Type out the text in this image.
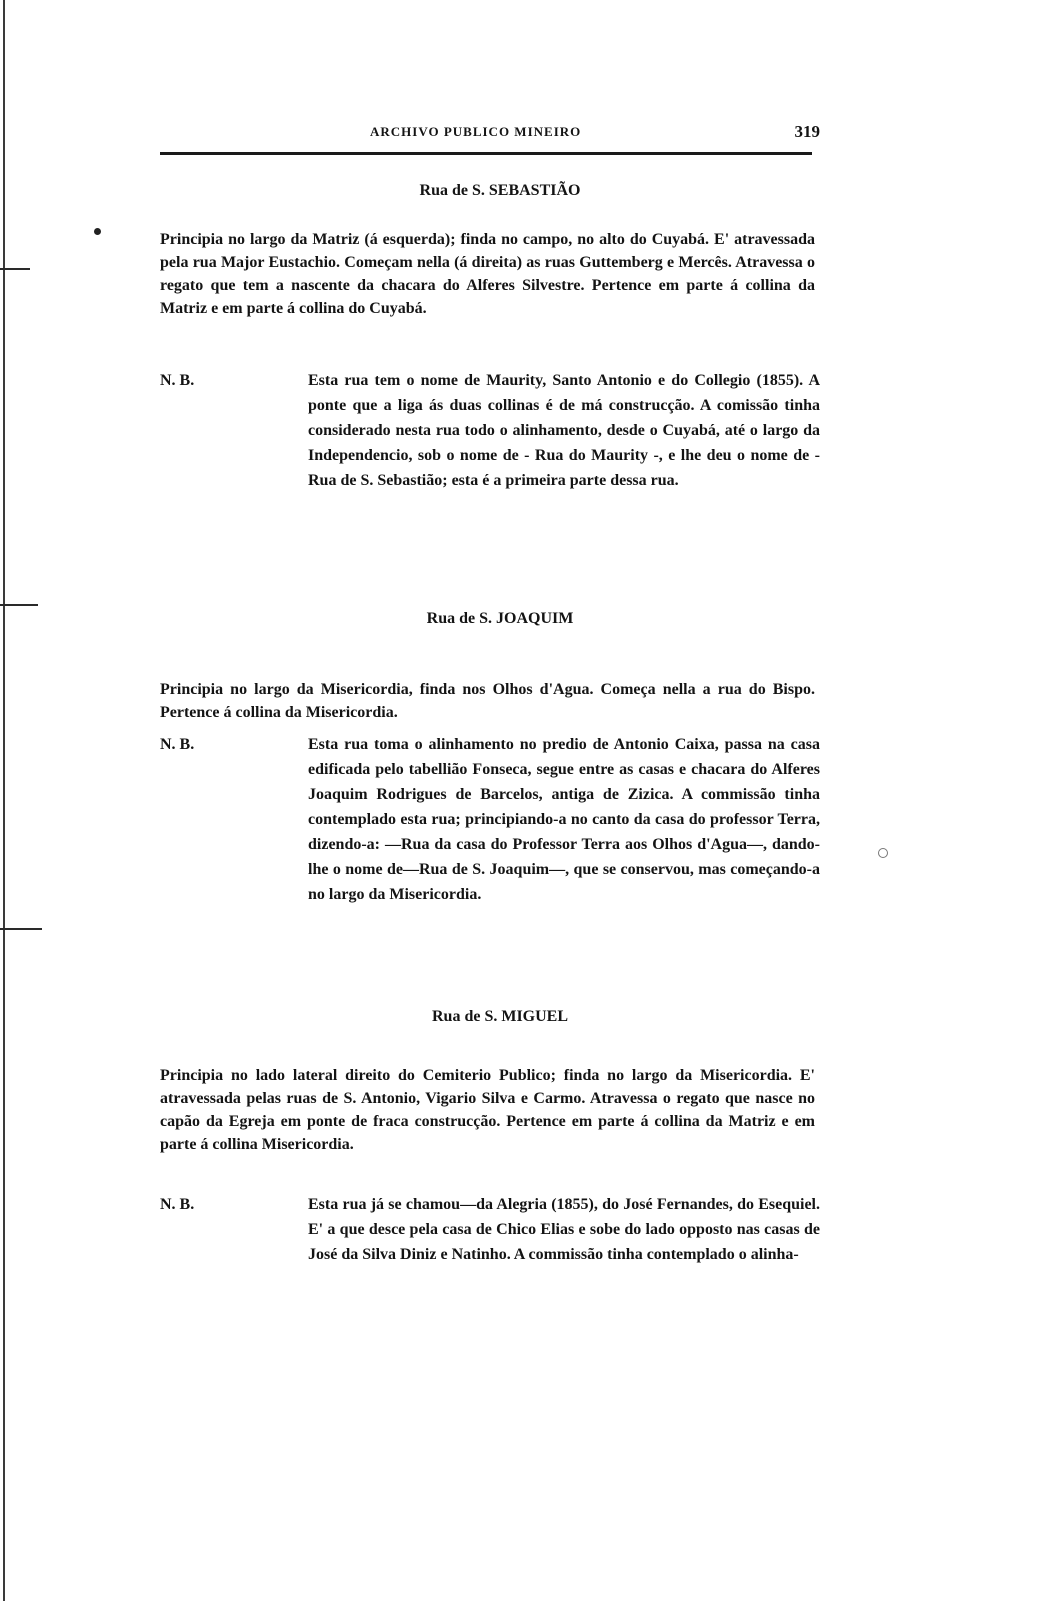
ARCHIVO PUBLICO MINEIRO	319
Rua de S. SEBASTIÃO
Principia no largo da Matriz (á esquerda); finda no campo, no alto do Cuyabá. E' atravessada pela rua Major Eustachio. Começam nella (á direita) as ruas Guttemberg e Mercês. Atravessa o regato que tem a nascente da chacara do Alferes Silvestre. Pertence em parte á collina da Matriz e em parte á collina do Cuyabá.
N. B.	Esta rua tem o nome de Maurity, Santo Antonio e do Collegio (1855). A ponte que a liga ás duas collinas é de má construcção. A comissão tinha considerado nesta rua todo o alinhamento, desde o Cuyabá, até o largo da Independencio, sob o nome de - Rua do Maurity -, e lhe deu o nome de - Rua de S. Sebastião; esta é a primeira parte dessa rua.
Rua de S. JOAQUIM
Principia no largo da Misericordia, finda nos Olhos d'Agua. Começa nella a rua do Bispo. Pertence á collina da Misericordia.
N. B.	Esta rua toma o alinhamento no predio de Antonio Caixa, passa na casa edificada pelo tabellião Fonseca, segue entre as casas e chacara do Alferes Joaquim Rodrigues de Barcelos, antiga de Zizica. A commissão tinha contemplado esta rua; principiando-a no canto da casa do professor Terra, dizendo-a: —Rua da casa do Professor Terra aos Olhos d'Agua—, dando-lhe o nome de—Rua de S. Joaquim—, que se conservou, mas começando-a no largo da Misericordia.
Rua de S. MIGUEL
Principia no lado lateral direito do Cemiterio Publico; finda no largo da Misericordia. E' atravessada pelas ruas de S. Antonio, Vigario Silva e Carmo. Atravessa o regato que nasce no capão da Egreja em ponte de fraca construcção. Pertence em parte á collina da Matriz e em parte á collina Misericordia.
N. B.	Esta rua já se chamou—da Alegria (1855), do José Fernandes, do Esequiel. E' a que desce pela casa de Chico Elias e sobe do lado opposto nas casas de José da Silva Diniz e Natinho. A commissão tinha contemplado o alinha-
